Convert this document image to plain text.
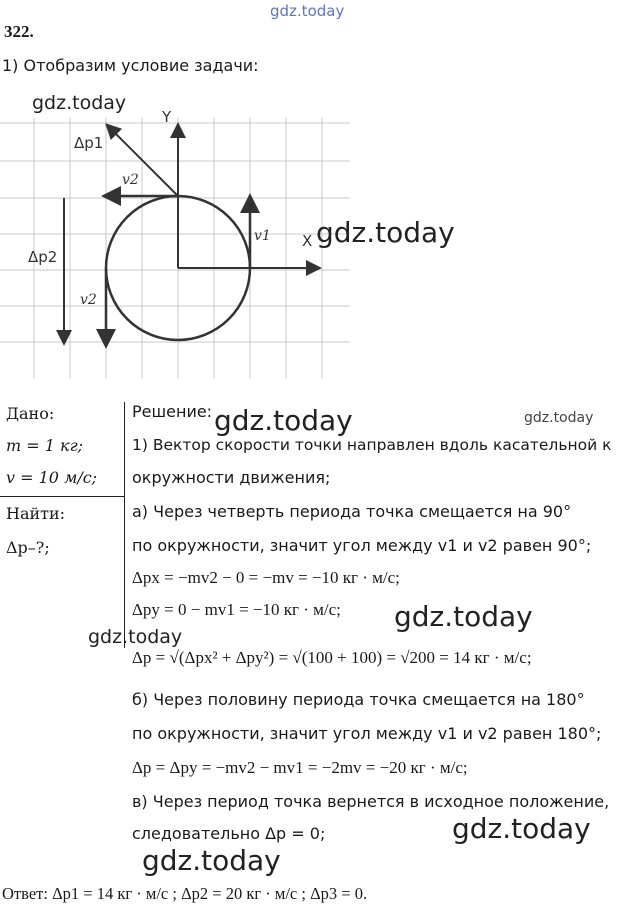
gdz.today
322.
1) Отобразим условие задачи:
Y
X
Δp1
Δp2
v1
v2
v2
gdz.today
gdz.today
Дано:
m = 1 кг;
v = 10 м/с;
Найти:
Δp–?;
Решение: gdz.today	gdz.today
1) Вектор скорости точки направлен вдоль касательной к
окружности движения;
а) Через четверть периода точка смещается на 90°
по окружности, значит угол между v1 и v2 равен 90°;
Δpx = −mv2 − 0 = −mv = −10 кг · м/с;
Δpy = 0 − mv1 = −10 кг · м/с; gdz.today
gdz.today
Δp = √(Δpx² + Δpy²) = √(100 + 100) = √200 = 14 кг · м/с;
б) Через половину периода точка смещается на 180°
по окружности, значит угол между v1 и v2 равен 180°;
Δp = Δpy = −mv2 − mv1 = −2mv = −20 кг · м/с;
в) Через период точка вернется в исходное положение,
следовательно Δp = 0;	gdz.today
gdz.today
Ответ: Δp1 = 14 кг · м/с ; Δp2 = 20 кг · м/с ; Δp3 = 0.
